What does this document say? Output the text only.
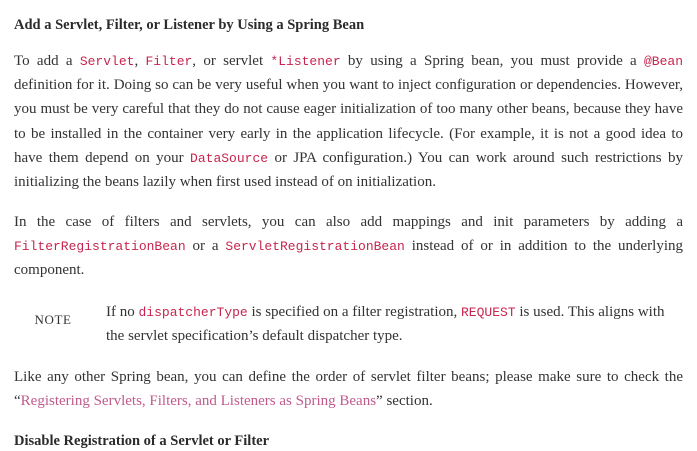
Add a Servlet, Filter, or Listener by Using a Spring Bean

To add a Servlet, Filter, or servlet *Listener by using a Spring bean, you must provide a @Bean definition for it. Doing so can be very useful when you want to inject configuration or dependencies. However, you must be very careful that they do not cause eager initialization of too many other beans, because they have to be installed in the container very early in the application lifecycle. (For example, it is not a good idea to have them depend on your DataSource or JPA configuration.) You can work around such restrictions by initializing the beans lazily when first used instead of on initialization.

In the case of filters and servlets, you can also add mappings and init parameters by adding a FilterRegistrationBean or a ServletRegistrationBean instead of or in addition to the underlying component.

NOTE	If no dispatcherType is specified on a filter registration, REQUEST is used. This aligns with the servlet specification’s default dispatcher type.

Like any other Spring bean, you can define the order of servlet filter beans; please make sure to check the “Registering Servlets, Filters, and Listeners as Spring Beans” section.

Disable Registration of a Servlet or Filter
